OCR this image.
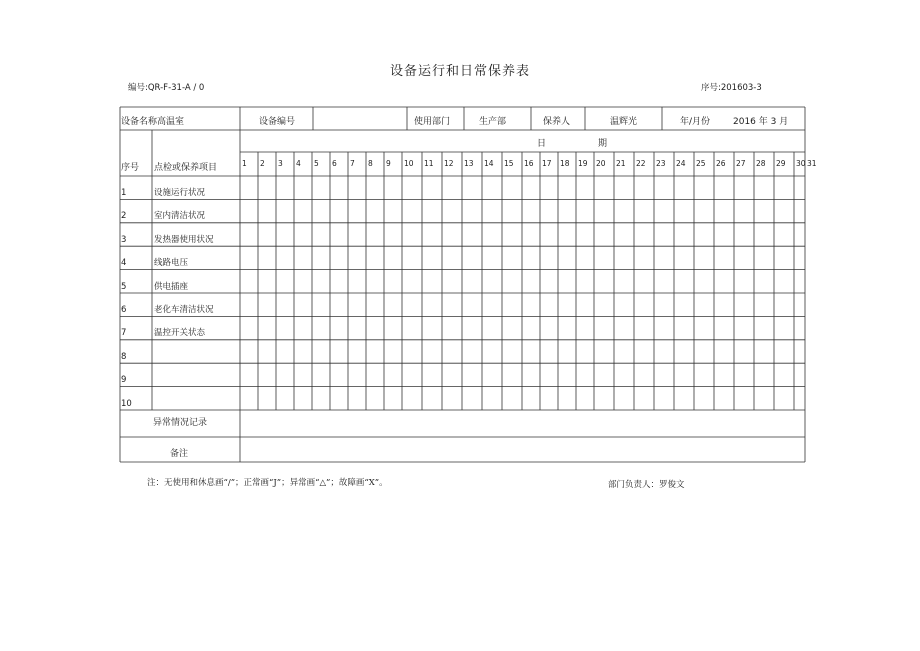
设备运行和日常保养表
编号:QR-F-31-A / 0	序号:201603-3
设备名称高温室	设备编号	使用部门	生产部	保养人	温辉光	年/月份	2016 年 3 月
日	期
序号 点检或保养项目	1 2 3 4 5 6 7 8 9 10 11 12 13 14 15 16 17 18 19 20 21 22 23 24 25 26 27 28 29 30 31
1	设施运行状况
2	室内清洁状况
3	发热器使用状况
4	线路电压
5	供电插座
6	老化车清洁状况
7	温控开关状态
8
9
10
异常情况记录
备注
注：无使用和休息画“/”；正常画“J”；异常画“△”；故障画“X”。	部门负责人：罗俊文
